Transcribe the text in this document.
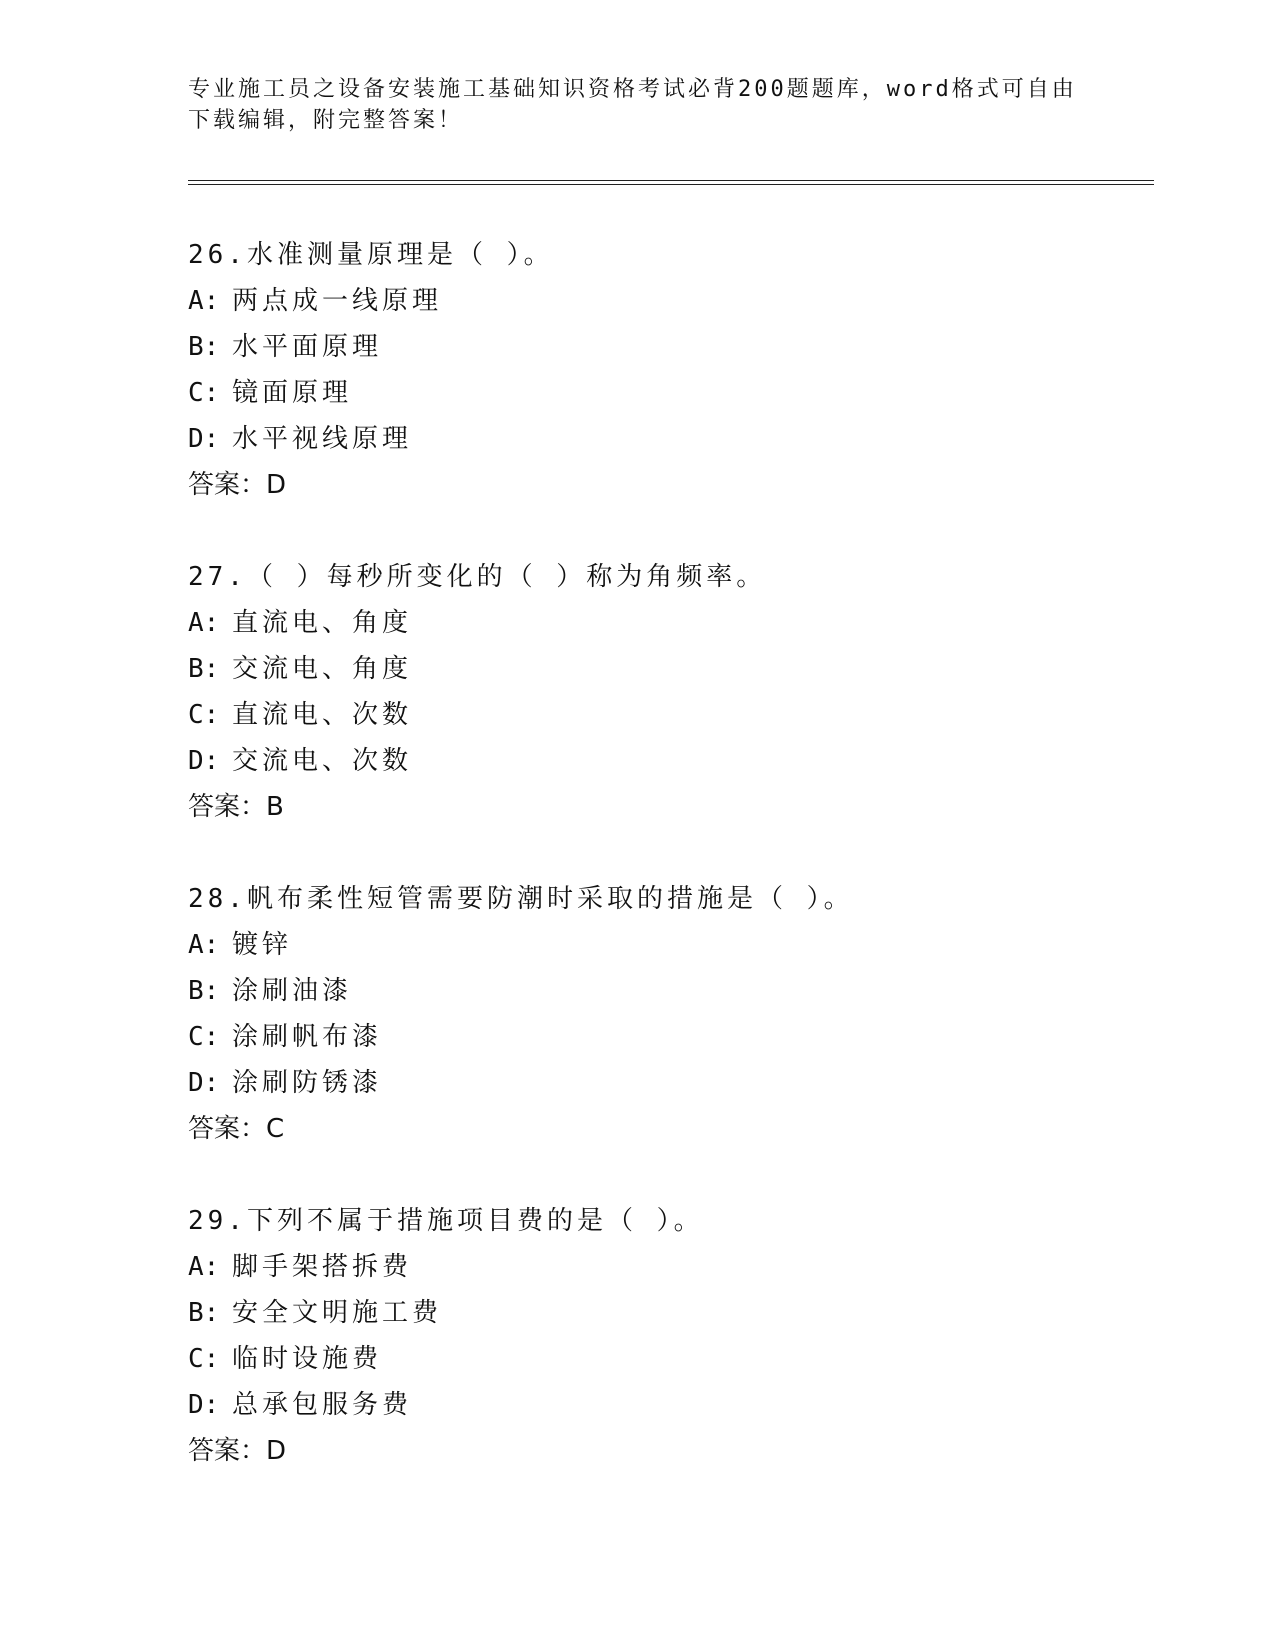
专业施工员之设备安装施工基础知识资格考试必背200题题库，word格式可自由

下载编辑，附完整答案！

26.水准测量原理是（ ）。
A: 两点成一线原理
B: 水平面原理
C: 镜面原理
D: 水平视线原理
答案：D
27.（ ）每秒所变化的（ ）称为角频率。
A: 直流电、角度
B: 交流电、角度
C: 直流电、次数
D: 交流电、次数
答案：B
28.帆布柔性短管需要防潮时采取的措施是（ ）。
A: 镀锌
B: 涂刷油漆
C: 涂刷帆布漆
D: 涂刷防锈漆
答案：C
29.下列不属于措施项目费的是（ ）。
A: 脚手架搭拆费
B: 安全文明施工费
C: 临时设施费
D: 总承包服务费
答案：D
